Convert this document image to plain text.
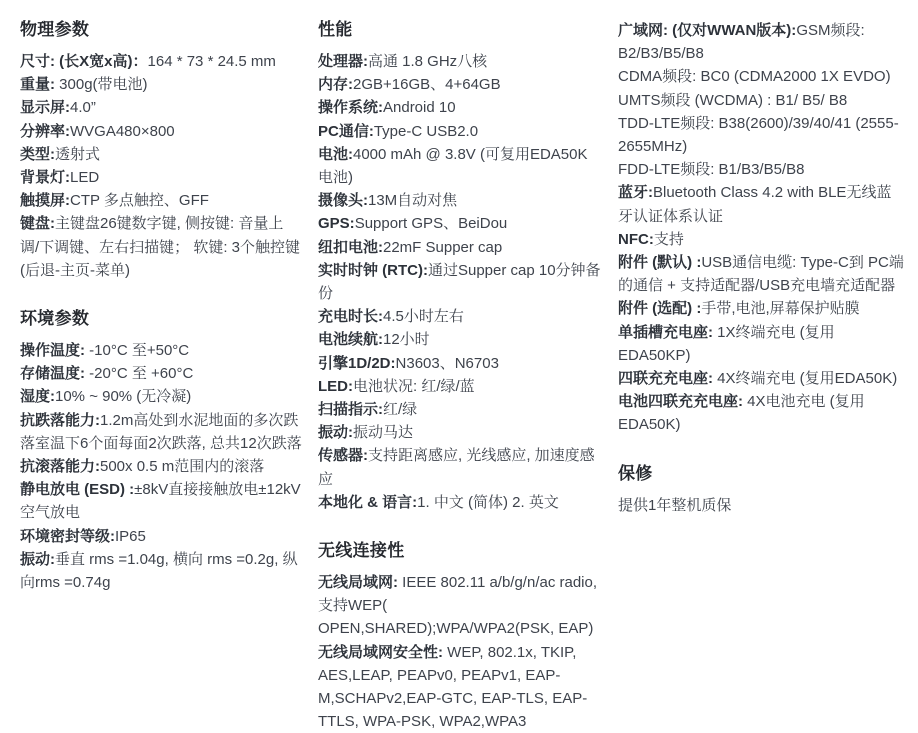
物理参数

尺寸: (长X宽x高)：164 * 73 * 24.5 mm

重量: 300g(带电池)

显示屏:4.0”

分辨率:WVGA480×800

类型:透射式

背景灯:LED

触摸屏:CTP 多点触控、GFF

键盘:主键盘26键数字键, 侧按键: 音量上调/下调键、左右扫描键； 软键: 3个触控键 (后退-主页-菜单)

环境参数

操作温度: -10°C 至+50°C

存储温度: -20°C 至 +60°C

湿度:10% ~ 90% (无冷凝)

抗跌落能力:1.2m高处到水泥地面的多次跌落室温下6个面每面2次跌落, 总共12次跌落

抗滚落能力:500x 0.5 m范围内的滚落

静电放电 (ESD) :±8kV直接接触放电±12kV 空气放电

环境密封等级:IP65

振动:垂直 rms =1.04g, 横向 rms =0.2g, 纵向rms =0.74g

性能

处理器:高通 1.8 GHz八核

内存:2GB+16GB、4+64GB

操作系统:Android 10

PC通信:Type-C USB2.0

电池:4000 mAh @ 3.8V (可复用EDA50K电池)

摄像头:13M自动对焦

GPS:Support GPS、BeiDou

纽扣电池:22mF Supper cap

实时时钟 (RTC):通过Supper cap 10分钟备份

充电时长:4.5小时左右

电池续航:12小时

引擎1D/2D:N3603、N6703

LED:电池状况: 红/绿/蓝

扫描指示:红/绿

振动:振动马达

传感器:支持距离感应, 光线感应, 加速度感应

本地化 & 语言:1. 中文 (简体) 2. 英文

无线连接性

无线局域网: IEEE 802.11 a/b/g/n/ac radio,支持WEP( OPEN,SHARED);WPA/WPA2(PSK, EAP)

无线局域网安全性: WEP, 802.1x, TKIP, AES,LEAP, PEAPv0, PEAPv1, EAP-M,SCHAPv2,EAP-GTC, EAP-TLS, EAP-TTLS, WPA-PSK, WPA2,WPA3

广域网: (仅对WWAN版本):GSM频段: B2/B3/B5/B8

CDMA频段: BC0 (CDMA2000 1X EVDO)

UMTS频段 (WCDMA) : B1/ B5/ B8

TDD-LTE频段: B38(2600)/39/40/41 (2555-2655MHz)

FDD-LTE频段: B1/B3/B5/B8

蓝牙:Bluetooth Class 4.2 with BLE无线蓝牙认证体系认证

NFC:支持

附件 (默认) :USB通信电缆: Type-C到 PC端的通信 + 支持适配器/USB充电墙充适配器

附件 (选配) :手带,电池,屏幕保护贴膜

单插槽充电座: 1X终端充电 (复用EDA50KP)

四联充充电座: 4X终端充电 (复用EDA50K)

电池四联充充电座: 4X电池充电 (复用EDA50K)

保修

提供1年整机质保
